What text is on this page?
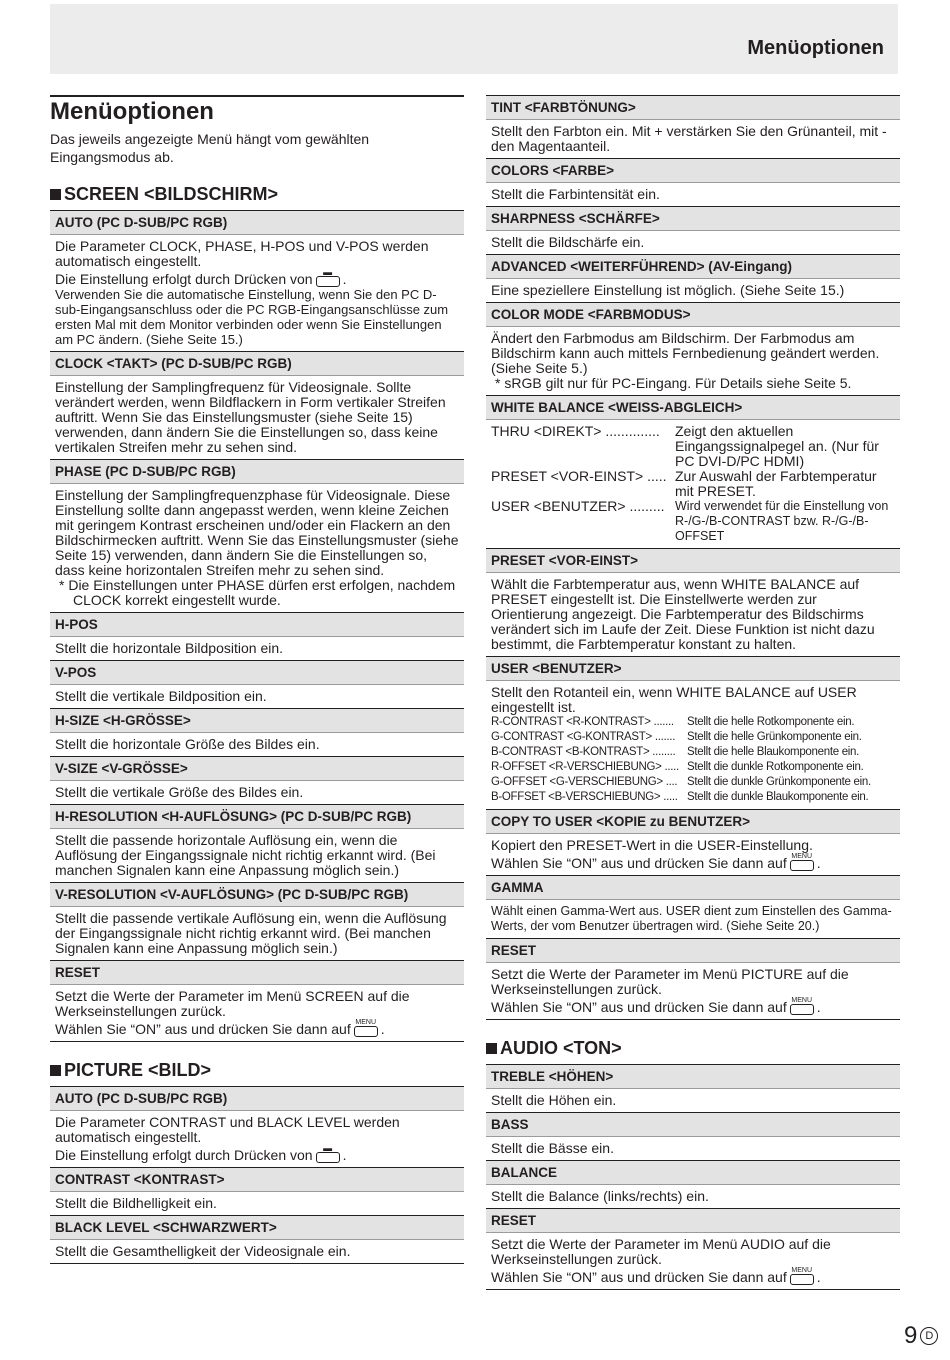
Menüoptionen
Menüoptionen

Das jeweils angezeigte Menü hängt vom gewählten Eingangsmodus ab.

SCREEN <BILDSCHIRM>
AUTO (PC D-SUB/PC RGB)

Die Parameter CLOCK, PHASE, H-POS und V-POS werden automatisch eingestellt.

Die Einstellung erfolgt durch Drücken von ▬ .

Verwenden Sie die automatische Einstellung, wenn Sie den PC D-sub-Eingangsanschluss oder die PC RGB-Eingangsanschlüsse zum ersten Mal mit dem Monitor verbinden oder wenn Sie Einstellungen am PC ändern. (Siehe Seite 15.)

CLOCK <TAKT> (PC D-SUB/PC RGB)
Einstellung der Samplingfrequenz für Videosignale. Sollte verändert werden, wenn Bildflackern in Form vertikaler Streifen auftritt. Wenn Sie das Einstellungsmuster (siehe Seite 15) verwenden, dann ändern Sie die Einstellungen so, dass keine vertikalen Streifen mehr zu sehen sind.
PHASE (PC D-SUB/PC RGB)

Einstellung der Samplingfrequenzphase für Videosignale. Diese Einstellung sollte dann angepasst werden, wenn kleine Zeichen mit geringem Kontrast erscheinen und/oder ein Flackern an den Bildschirmecken auftritt. Wenn Sie das Einstellungsmuster (siehe Seite 15) verwenden, dann ändern Sie die Einstellungen so, dass keine horizontalen Streifen mehr zu sehen sind.

* Die Einstellungen unter PHASE dürfen erst erfolgen, nachdem CLOCK korrekt eingestellt wurde.

H-POS
Stellt die horizontale Bildposition ein.
V-POS
Stellt die vertikale Bildposition ein.
H-SIZE <H-GRÖSSE>
Stellt die horizontale Größe des Bildes ein.
V-SIZE <V-GRÖSSE>
Stellt die vertikale Größe des Bildes ein.
H-RESOLUTION <H-AUFLÖSUNG> (PC D-SUB/PC RGB)
Stellt die passende horizontale Auflösung ein, wenn die Auflösung der Eingangssignale nicht richtig erkannt wird. (Bei manchen Signalen kann eine Anpassung möglich sein.)
V-RESOLUTION <V-AUFLÖSUNG> (PC D-SUB/PC RGB)
Stellt die passende vertikale Auflösung ein, wenn die Auflösung der Eingangssignale nicht richtig erkannt wird. (Bei manchen Signalen kann eine Anpassung möglich sein.)
RESET

Setzt die Werte der Parameter im Menü SCREEN auf die Werkseinstellungen zurück.

Wählen Sie “ON” aus und drücken Sie dann auf MENU .

PICTURE <BILD>
AUTO (PC D-SUB/PC RGB)

Die Parameter CONTRAST und BLACK LEVEL werden automatisch eingestellt.

Die Einstellung erfolgt durch Drücken von ▬ .

CONTRAST <KONTRAST>
Stellt die Bildhelligkeit ein.
BLACK LEVEL <SCHWARZWERT>
Stellt die Gesamthelligkeit der Videosignale ein.
TINT <FARBTÖNUNG>
Stellt den Farbton ein. Mit + verstärken Sie den Grünanteil, mit - den Magentaanteil.
COLORS <FARBE>
Stellt die Farbintensität ein.
SHARPNESS <SCHÄRFE>
Stellt die Bildschärfe ein.
ADVANCED <WEITERFÜHREND> (AV-Eingang)
Eine speziellere Einstellung ist möglich. (Siehe Seite 15.)
COLOR MODE <FARBMODUS>

Ändert den Farbmodus am Bildschirm. Der Farbmodus am Bildschirm kann auch mittels Fernbedienung geändert werden. (Siehe Seite 5.)

* sRGB gilt nur für PC-Eingang. Für Details siehe Seite 5.

WHITE BALANCE <WEISS-ABGLEICH>
THRU <DIREKT> ..............	Zeigt den aktuellen Eingangssignalpegel an. (Nur für PC DVI-D/PC HDMI)
PRESET <VOR-EINST> ..... Zur Auswahl der Farbtemperatur mit PRESET.
USER <BENUTZER> ......... Wird verwendet für die Einstellung von R-/G-/B-CONTRAST bzw. R-/G-/B-OFFSET
PRESET <VOR-EINST>
Wählt die Farbtemperatur aus, wenn WHITE BALANCE auf PRESET eingestellt ist. Die Einstellwerte werden zur Orientierung angezeigt. Die Farbtemperatur des Bildschirms verändert sich im Laufe der Zeit. Diese Funktion ist nicht dazu bestimmt, die Farbtemperatur konstant zu halten.
USER <BENUTZER>

Stellt den Rotanteil ein, wenn WHITE BALANCE auf USER eingestellt ist.

R-CONTRAST <R-KONTRAST> .......	Stellt die helle Rotkomponente ein.
G-CONTRAST <G-KONTRAST> .......	Stellt die helle Grünkomponente ein.
B-CONTRAST <B-KONTRAST> ........	Stellt die helle Blaukomponente ein.
R-OFFSET <R-VERSCHIEBUNG> ..... Stellt die dunkle Rotkomponente ein.
G-OFFSET <G-VERSCHIEBUNG> .... Stellt die dunkle Grünkomponente ein.
B-OFFSET <B-VERSCHIEBUNG> ..... Stellt die dunkle Blaukomponente ein.
COPY TO USER <KOPIE zu BENUTZER>

Kopiert den PRESET-Wert in die USER-Einstellung.

Wählen Sie “ON” aus und drücken Sie dann auf MENU .

GAMMA
Wählt einen Gamma-Wert aus. USER dient zum Einstellen des Gamma-Werts, der vom Benutzer übertragen wird. (Siehe Seite 20.)
RESET

Setzt die Werte der Parameter im Menü PICTURE auf die Werkseinstellungen zurück.

Wählen Sie “ON” aus und drücken Sie dann auf MENU .

AUDIO <TON>
TREBLE <HÖHEN>
Stellt die Höhen ein.
BASS
Stellt die Bässe ein.
BALANCE
Stellt die Balance (links/rechts) ein.
RESET

Setzt die Werte der Parameter im Menü AUDIO auf die Werkseinstellungen zurück.

Wählen Sie “ON” aus und drücken Sie dann auf MENU .

9 D
